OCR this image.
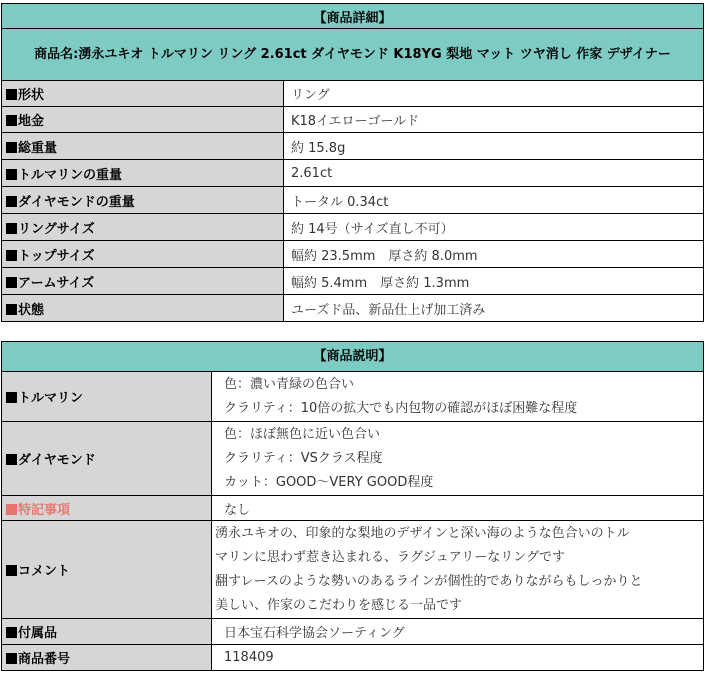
【商品詳細】	
商品名:湧永ユキオ トルマリン リング 2.61ct ダイヤモンド K18YG 梨地 マット ツヤ消し 作家 デザイナー	
形状	リング
地金	K18イエローゴールド
総重量	約 15.8g
トルマリンの重量	2.61ct
ダイヤモンドの重量	トータル 0.34ct
リングサイズ	約 14号（サイズ直し不可）
トップサイズ	幅約 23.5mm　厚さ約 8.0mm
アームサイズ	幅約 5.4mm　厚さ約 1.3mm
状態	ユーズド品、新品仕上げ加工済み
【商品説明】	

トルマリン	色：濃い青緑の色合い
クラリティ：10倍の拡大でも内包物の確認がほぼ困難な程度

ダイヤモンド	色：ほぼ無色に近い色合い
クラリティ：VSクラス程度
カット：GOOD～VERY GOOD程度

特記事項	なし
コメント	湧永ユキオの、印象的な梨地のデザインと深い海のような色合いのトル
マリンに思わず惹き込まれる、ラグジュアリーなリングです
翻すレースのような勢いのあるラインが個性的でありながらもしっかりと
美しい、作家のこだわりを感じる一品です

付属品	日本宝石科学協会ソーティング
商品番号	118409
